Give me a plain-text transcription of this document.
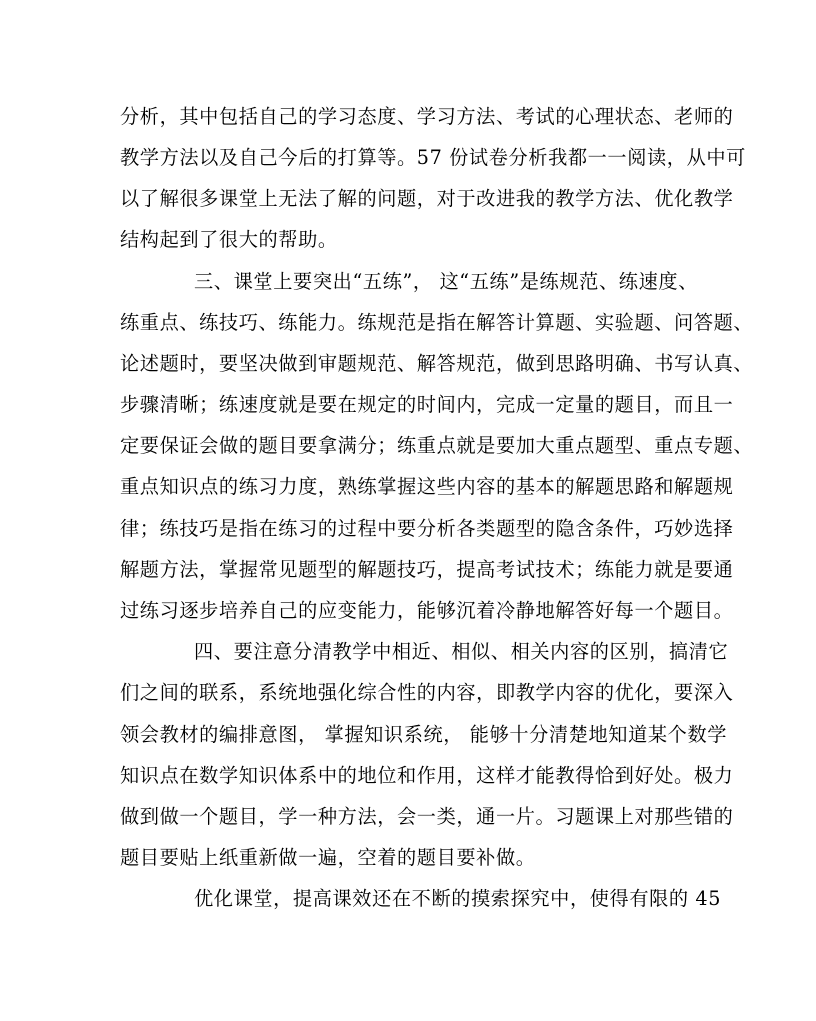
分析，其中包括自己的学习态度、学习方法、考试的心理状态、老师的
教学方法以及自己今后的打算等。57 份试卷分析我都一一阅读，从中可
以了解很多课堂上无法了解的问题，对于改进我的教学方法、优化教学
结构起到了很大的帮助。
三、课堂上要突出“五练”， 这“五练”是练规范、练速度、
练重点、练技巧、练能力。练规范是指在解答计算题、实验题、问答题、
论述题时，要坚决做到审题规范、解答规范，做到思路明确、书写认真、
步骤清晰；练速度就是要在规定的时间内，完成一定量的题目，而且一
定要保证会做的题目要拿满分；练重点就是要加大重点题型、重点专题、
重点知识点的练习力度，熟练掌握这些内容的基本的解题思路和解题规
律；练技巧是指在练习的过程中要分析各类题型的隐含条件，巧妙选择
解题方法，掌握常见题型的解题技巧，提高考试技术；练能力就是要通
过练习逐步培养自己的应变能力，能够沉着冷静地解答好每一个题目。
四、要注意分清教学中相近、相似、相关内容的区别，搞清它
们之间的联系，系统地强化综合性的内容，即教学内容的优化，要深入
领会教材的编排意图， 掌握知识系统， 能够十分清楚地知道某个数学
知识点在数学知识体系中的地位和作用，这样才能教得恰到好处。极力
做到做一个题目，学一种方法，会一类，通一片。习题课上对那些错的
题目要贴上纸重新做一遍，空着的题目要补做。
优化课堂，提高课效还在不断的摸索探究中，使得有限的 45
